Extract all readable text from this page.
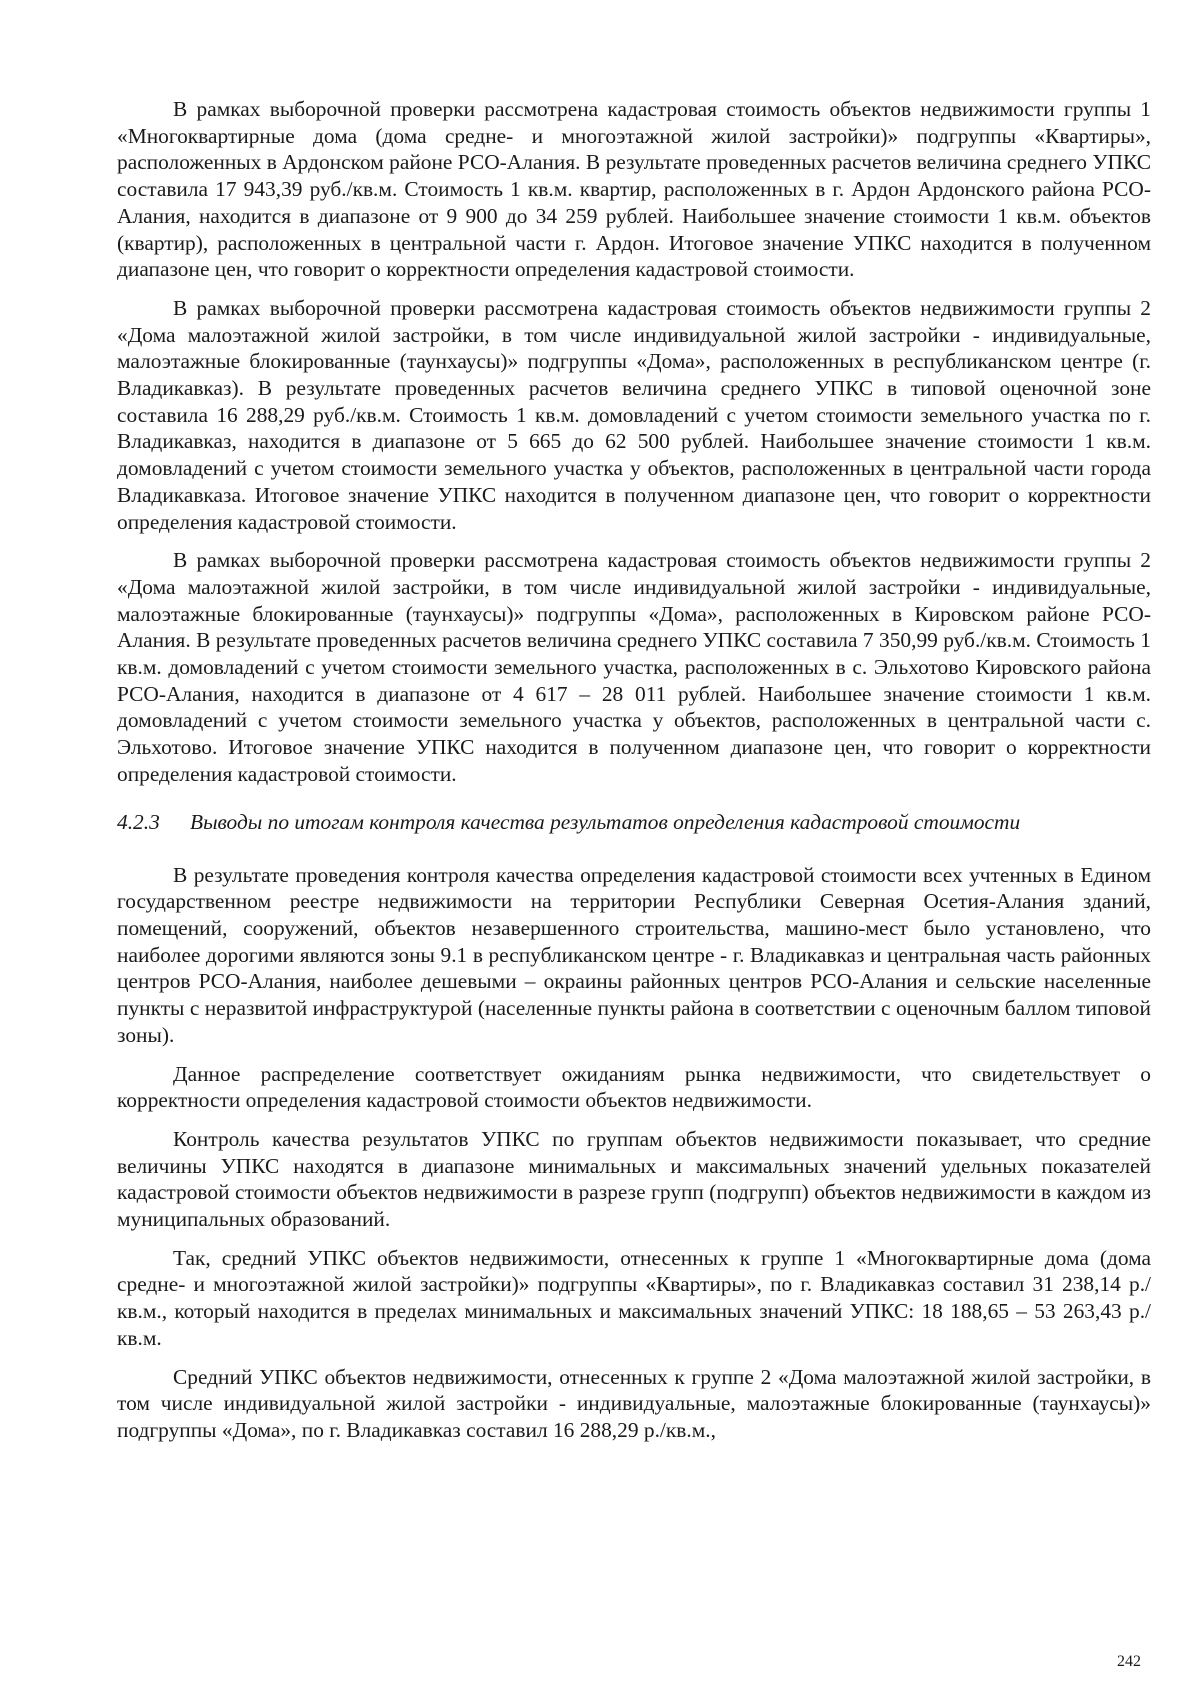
В рамках выборочной проверки рассмотрена кадастровая стоимость объектов недвижимости группы 1 «Многоквартирные дома (дома средне- и многоэтажной жилой застройки)» подгруппы «Квартиры», расположенных в Ардонском районе РСО-Алания. В результате проведенных расчетов величина среднего УПКС составила 17 943,39 руб./кв.м. Стоимость 1 кв.м. квартир, расположенных в г. Ардон Ардонского района РСО-Алания, находится в диапазоне от 9 900 до 34 259 рублей. Наибольшее значение стоимости 1 кв.м. объектов (квартир), расположенных в центральной части г. Ардон. Итоговое значение УПКС находится в полученном диапазоне цен, что говорит о корректности определения кадастровой стоимости.

В рамках выборочной проверки рассмотрена кадастровая стоимость объектов недвижимости группы 2 «Дома малоэтажной жилой застройки, в том числе индивидуальной жилой застройки - индивидуальные, малоэтажные блокированные (таунхаусы)» подгруппы «Дома», расположенных в республиканском центре (г. Владикавказ). В результате проведенных расчетов величина среднего УПКС в типовой оценочной зоне составила 16 288,29 руб./кв.м. Стоимость 1 кв.м. домовладений с учетом стоимости земельного участка по г. Владикавказ, находится в диапазоне от 5 665 до 62 500 рублей. Наибольшее значение стоимости 1 кв.м. домовладений с учетом стоимости земельного участка у объектов, расположенных в центральной части города Владикавказа. Итоговое значение УПКС находится в полученном диапазоне цен, что говорит о корректности определения кадастровой стоимости.

В рамках выборочной проверки рассмотрена кадастровая стоимость объектов недвижимости группы 2 «Дома малоэтажной жилой застройки, в том числе индивидуальной жилой застройки - индивидуальные, малоэтажные блокированные (таунхаусы)» подгруппы «Дома», расположенных в Кировском районе РСО-Алания. В результате проведенных расчетов величина среднего УПКС составила 7 350,99 руб./кв.м. Стоимость 1 кв.м. домовладений с учетом стоимости земельного участка, расположенных в с. Эльхотово Кировского района РСО-Алания, находится в диапазоне от 4 617 – 28 011 рублей. Наибольшее значение стоимости 1 кв.м. домовладений с учетом стоимости земельного участка у объектов, расположенных в центральной части с. Эльхотово. Итоговое значение УПКС находится в полученном диапазоне цен, что говорит о корректности определения кадастровой стоимости.

4.2.3 Выводы по итогам контроля качества результатов определения кадастровой стоимости

В результате проведения контроля качества определения кадастровой стоимости всех учтенных в Едином государственном реестре недвижимости на территории Республики Северная Осетия-Алания зданий, помещений, сооружений, объектов незавершенного строительства, машино-мест было установлено, что наиболее дорогими являются зоны 9.1 в республиканском центре - г. Владикавказ и центральная часть районных центров РСО-Алания, наиболее дешевыми – окраины районных центров РСО-Алания и сельские населенные пункты с неразвитой инфраструктурой (населенные пункты района в соответствии с оценочным баллом типовой зоны).

Данное распределение соответствует ожиданиям рынка недвижимости, что свидетельствует о корректности определения кадастровой стоимости объектов недвижимости.

Контроль качества результатов УПКС по группам объектов недвижимости показывает, что средние величины УПКС находятся в диапазоне минимальных и максимальных значений удельных показателей кадастровой стоимости объектов недвижимости в разрезе групп (подгрупп) объектов недвижимости в каждом из муниципальных образований.

Так, средний УПКС объектов недвижимости, отнесенных к группе 1 «Многоквартирные дома (дома средне- и многоэтажной жилой застройки)» подгруппы «Квартиры», по г. Владикавказ составил 31 238,14 р./кв.м., который находится в пределах минимальных и максимальных значений УПКС: 18 188,65 – 53 263,43 р./кв.м.

Средний УПКС объектов недвижимости, отнесенных к группе 2 «Дома малоэтажной жилой застройки, в том числе индивидуальной жилой застройки - индивидуальные, малоэтажные блокированные (таунхаусы)» подгруппы «Дома», по г. Владикавказ составил 16 288,29 р./кв.м.,

242
